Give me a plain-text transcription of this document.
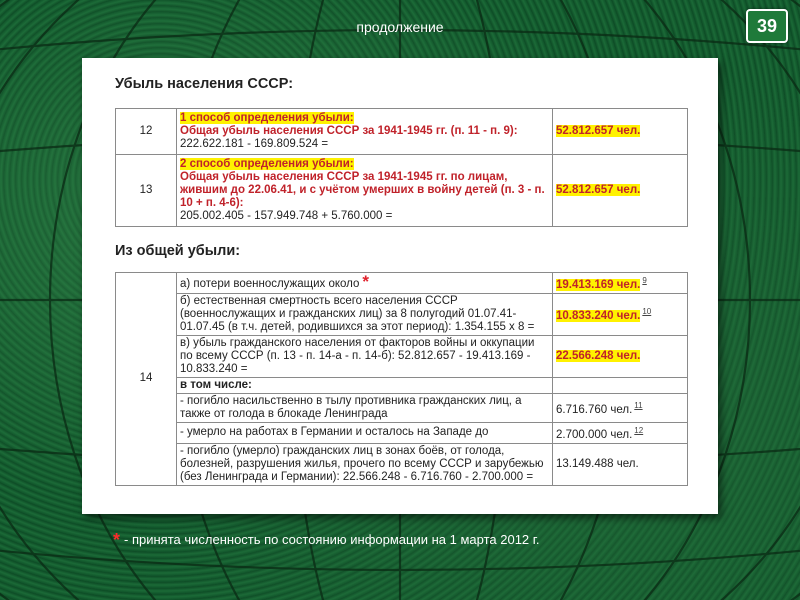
продолжение	39
Убыль населения СССР:
12	1 способ определения убыли:
Общая убыль населения СССР за 1941-1945 гг. (п. 11 - п. 9):
222.622.181 - 169.809.524 =	52.812.657 чел.
13	2 способ определения убыли:
Общая убыль населения СССР за 1941-1945 гг. по лицам, жившим до 22.06.41, и с учётом умерших в войну детей (п. 3 - п. 10 + п. 4-6):
205.002.405 - 157.949.748 + 5.760.000 =	52.812.657 чел.
Из общей убыли:
14	а) потери военнослужащих около *	19.413.169 чел. $^9$
	б) естественная смертность всего населения СССР (военнослужащих и гражданских лиц) за 8 полугодий 01.07.41-01.07.45 (в т.ч. детей, родившихся за этот период): 1.354.155 х 8 =	10.833.240 чел. $^{10}$
	в) убыль гражданского населения от факторов войны и оккупации по всему СССР (п. 13 - п. 14-а - п. 14-б): 52.812.657 - 19.413.169 - 10.833.240 =	22.566.248 чел.
	в том числе:	
	- погибло насильственно в тылу противника гражданских лиц, а также от голода в блокаде Ленинграда	6.716.760 чел. $^{11}$
	- умерло на работах в Германии и осталось на Западе до	2.700.000 чел. $^{12}$
	- погибло (умерло) гражданских лиц в зонах боёв, от голода, болезней, разрушения жилья, прочего по всему СССР и зарубежью (без Ленинграда и Германии): 22.566.248 - 6.716.760 - 2.700.000 =	13.149.488 чел.
* - принята численность по состоянию информации на 1 марта 2012 г.
